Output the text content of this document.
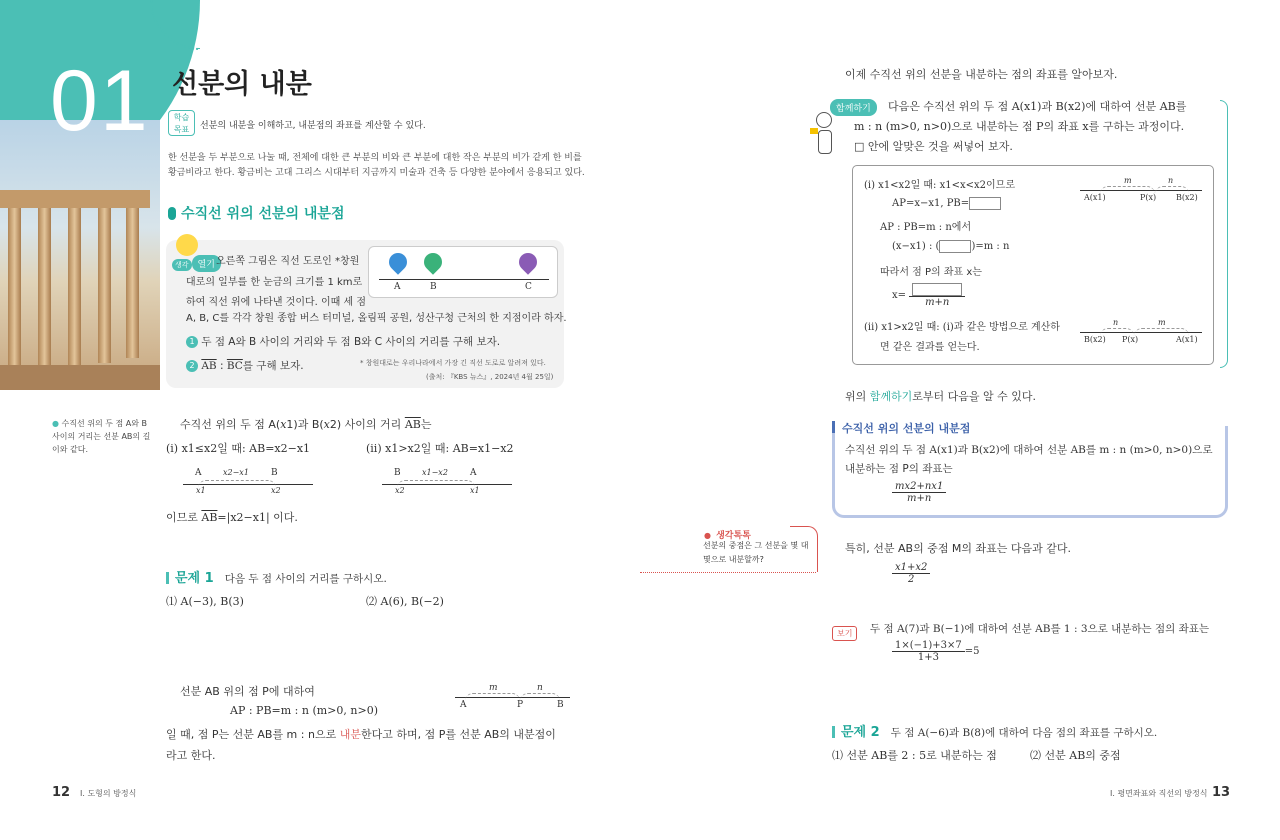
01 선분의 내분
학습
목표	선분의 내분을 이해하고, 내분점의 좌표를 계산할 수 있다.
한 선분을 두 부분으로 나눌 때, 전체에 대한 큰 부분의 비와 큰 부분에 대한 작은 부분의 비가 같게 한 비를
황금비라고 한다. 황금비는 고대 그리스 시대부터 지금까지 미술과 건축 등 다양한 분야에서 응용되고 있다.
수직선 위의 선분의 내분점
생각 열기 오른쪽 그림은 직선 도로인 *창원
대로의 일부를 한 눈금의 크기를 1 km로
하여 직선 위에 나타낸 것이다. 이때 세 점
A, B, C를 각각 창원 종합 버스 터미널, 올림픽 공원, 성산구청 근처의 한 지점이라 하자.
A	B	C
1 두 점 A와 B 사이의 거리와 두 점 B와 C 사이의 거리를 구해 보자.
2 $\overline{AB}$ : $\overline{BC}$를 구해 보자.	* 창원대로는 우리나라에서 가장 긴 직선 도로로 알려져 있다.
(출처: 『KBS 뉴스』, 2024년 4월 25일)
● 수직선 위의 두 점 A와 B 사이의 거리는 선분 AB의 길이와 같다.
수직선 위의 두 점 A(x1)과 B(x2) 사이의 거리 $\overline{AB}$는
(ⅰ) x1≤x2일 때: AB=x2−x1	(ⅱ) x1>x2일 때: AB=x1−x2
A	x2−x1 B
x1	x2
B	x1−x2 A
x2	x1
이므로 $\overline{AB}=|x2-x1|$ 이다.
문제 1 다음 두 점 사이의 거리를 구하시오.
⑴ A(−3), B(3)	⑵ A(6), B(−2)
선분 AB 위의 점 P에 대하여
AP : PB=m : n (m>0, n>0)
일 때, 점 P는 선분 AB를 m : n으로 내분한다고 하며, 점 P를 선분 AB의 내분점이
라고 한다.
m	n
A	P	B
12 Ⅰ. 도형의 방정식
이제 수직선 위의 선분을 내분하는 점의 좌표를 알아보자.
함께하기	다음은 수직선 위의 두 점 A(x1)과 B(x2)에 대하여 선분 AB를
m : n (m>0, n>0)으로 내분하는 점 P의 좌표 x를 구하는 과정이다.
□ 안에 알맞은 것을 써넣어 보자.
(ⅰ) x1<x2일 때: x1<x<x2이므로
AP=x−x1, PB=
AP : PB=m : n에서
(x−x1) : (	)=m : n
따라서 점 P의 좌표 x는
x=
m+n
(ⅱ) x1>x2일 때: (ⅰ)과 같은 방법으로 계산하
면 같은 결과를 얻는다.
m	n
A(x1)	P(x) B(x2)
n	m
B(x2) P(x)	A(x1)
위의 함께하기로부터 다음을 알 수 있다.
수직선 위의 선분의 내분점
수직선 위의 두 점 A(x1)과 B(x2)에 대하여 선분 AB를 m : n (m>0, n>0)으로
내분하는 점 P의 좌표는
$\frac{mx2+nx1}{m+n}$
● 생각톡톡
선분의 중점은 그 선분을 몇 대 몇으로 내분할까?
특히, 선분 AB의 중점 M의 좌표는 다음과 같다.
$\frac{x1+x2}{2}$
보기	두 점 A(7)과 B(−1)에 대하여 선분 AB를 1 : 3으로 내분하는 점의 좌표는
$\frac{1\times(-1)+3\times 7}{1+3} =5$
문제 2 두 점 A(−6)과 B(8)에 대하여 다음 점의 좌표를 구하시오.
⑴ 선분 AB를 2 : 5로 내분하는 점	⑵ 선분 AB의 중점
Ⅰ. 평면좌표와 직선의 방정식 13
